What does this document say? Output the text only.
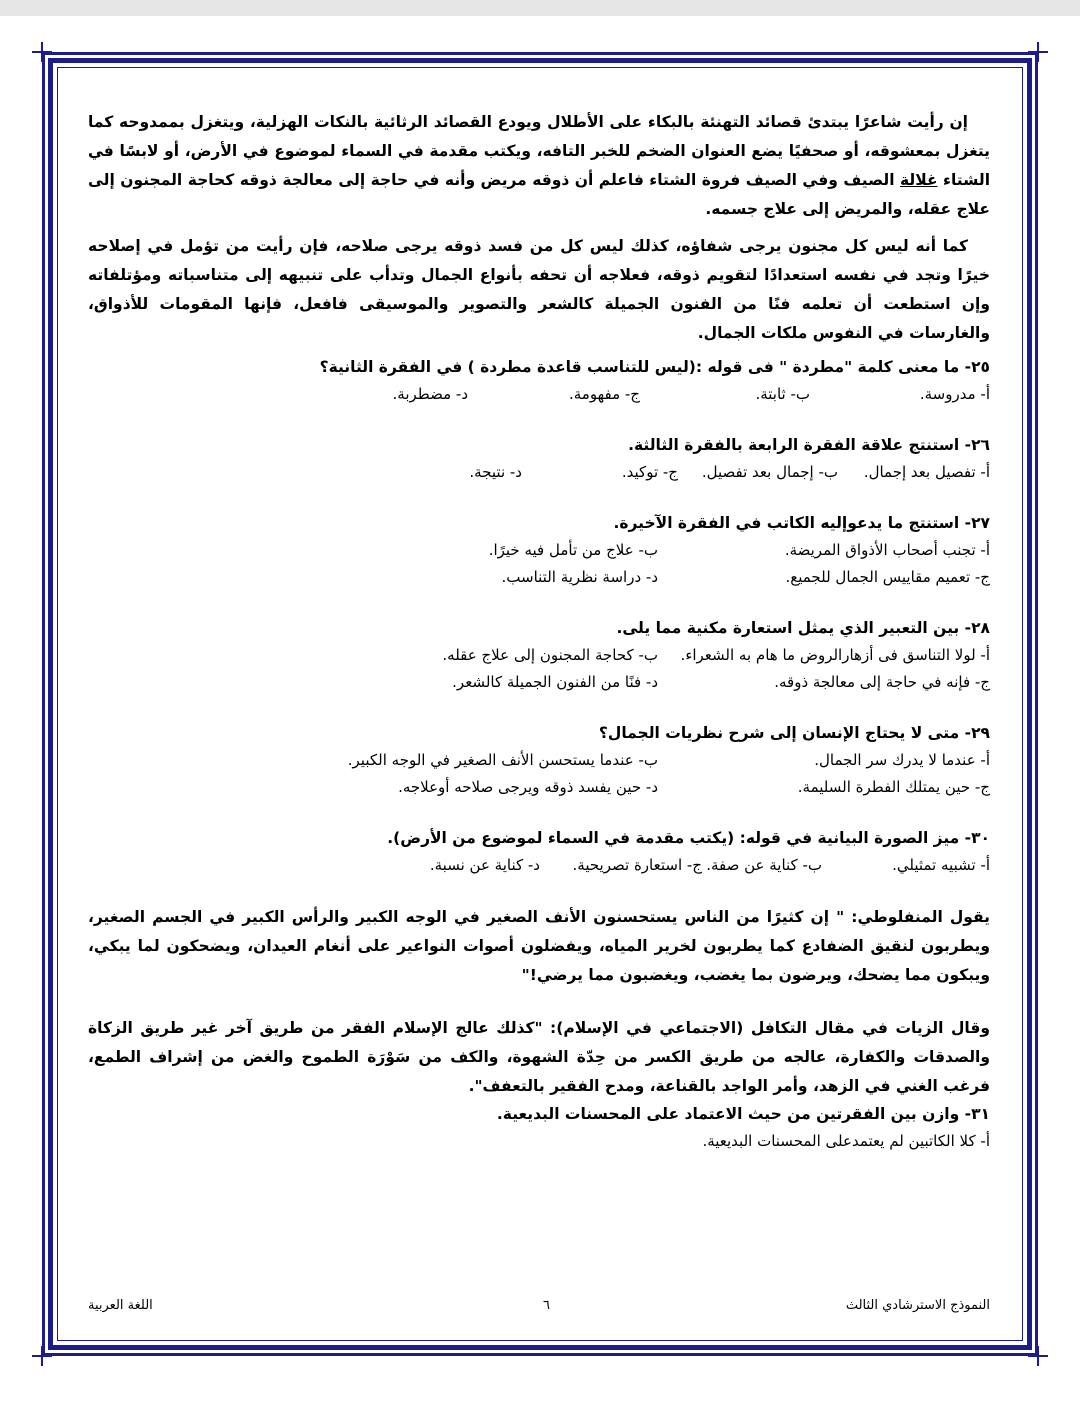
إن رأيت شاعرًا يبتدئ قصائد التهنئة بالبكاء على الأطلال ويودع القصائد الرثائية بالنكات الهزلية، ويتغزل بممدوحه كما يتغزل بمعشوقه، أو صحفيًا يضع العنوان الضخم للخبر التافه، ويكتب مقدمة في السماء لموضوع في الأرض، أو لابسًا في الشتاء غلالة الصيف وفي الصيف فروة الشتاء فاعلم أن ذوقه مريض وأنه في حاجة إلى معالجة ذوقه كحاجة المجنون إلى علاج عقله، والمريض إلى علاج جسمه.

كما أنه ليس كل مجنون يرجى شفاؤه، كذلك ليس كل من فسد ذوقه يرجى صلاحه، فإن رأيت من تؤمل في إصلاحه خيرًا وتجد في نفسه استعدادًا لتقويم ذوقه، فعلاجه أن تحفه بأنواع الجمال وتدأب على تنبيهه إلى متناسباته ومؤتلفاته وإن استطعت أن تعلمه فنًا من الفنون الجميلة كالشعر والتصوير والموسيقى فافعل، فإنها المقومات للأذواق، والغارسات في النفوس ملكات الجمال.

٢٥- ما معنى كلمة "مطردة " فى قوله :(ليس للتناسب قاعدة مطردة ) في الفقرة الثانية؟

أ- مدروسة.
ب- ثابتة.
ج- مفهومة.
د- مضطربة.

٢٦- استنتج علاقة الفقرة الرابعة بالفقرة الثالثة.

أ- تفصيل بعد إجمال.
ب- إجمال بعد تفصيل.
ج- توكيد.
د- نتيجة.

٢٧- استنتج ما يدعوإليه الكاتب في الفقرة الآخيرة.

أ- تجنب أصحاب الأذواق المريضة.
ب- علاج من تأمل فيه خيرًا.
ج- تعميم مقاييس الجمال للجميع.
د- دراسة نظرية التناسب.

٢٨- بين التعبير الذي يمثل استعارة مكنية مما يلى.

أ- لولا التناسق فى أزهارالروض ما هام به الشعراء.
ب- كحاجة المجنون إلى علاج عقله.
ج- فإنه في حاجة إلى معالجة ذوقه.
د- فنًا من الفنون الجميلة كالشعر.

٢٩- متى لا يحتاج الإنسان إلى شرح نظريات الجمال؟

أ- عندما لا يدرك سر الجمال.
ب- عندما يستحسن الأنف الصغير في الوجه الكبير.
ج- حين يمتلك الفطرة السليمة.
د- حين يفسد ذوقه ويرجى صلاحه أوعلاجه.

٣٠- ميز الصورة البيانية في قوله: (يكتب مقدمة في السماء لموضوع من الأرض).

أ- تشبيه تمثيلي.
ب- كناية عن صفة.
ج- استعارة تصريحية.
د- كناية عن نسبة.

يقول المنفلوطي: " إن كثيرًا من الناس يستحسنون الأنف الصغير في الوجه الكبير والرأس الكبير في الجسم الصغير، ويطربون لنقيق الضفادع كما يطربون لخرير المياه، ويفضلون أصوات النواعير على أنغام العيدان، ويضحكون لما يبكي، ويبكون مما يضحك، ويرضون بما يغضب، ويغضبون مما يرضي!"

وقال الزيات في مقال التكافل (الاجتماعي في الإسلام): "كذلك عالج الإسلام الفقر من طريق آخر غير طريق الزكاة والصدقات والكفارة، عالجه من طريق الكسر من حِدّة الشهوة، والكف من سَوْرَة الطموح والغض من إشراف الطمع، فرغب الغني في الزهد، وأمر الواجد بالقناعة، ومدح الفقير بالتعفف".

٣١- وازن بين الفقرتين من حيث الاعتماد على المحسنات البديعية.

أ- كلا الكاتبين لم يعتمدعلى المحسنات البديعية.
النموذج الاسترشادي الثالث
٦
اللغة العربية
